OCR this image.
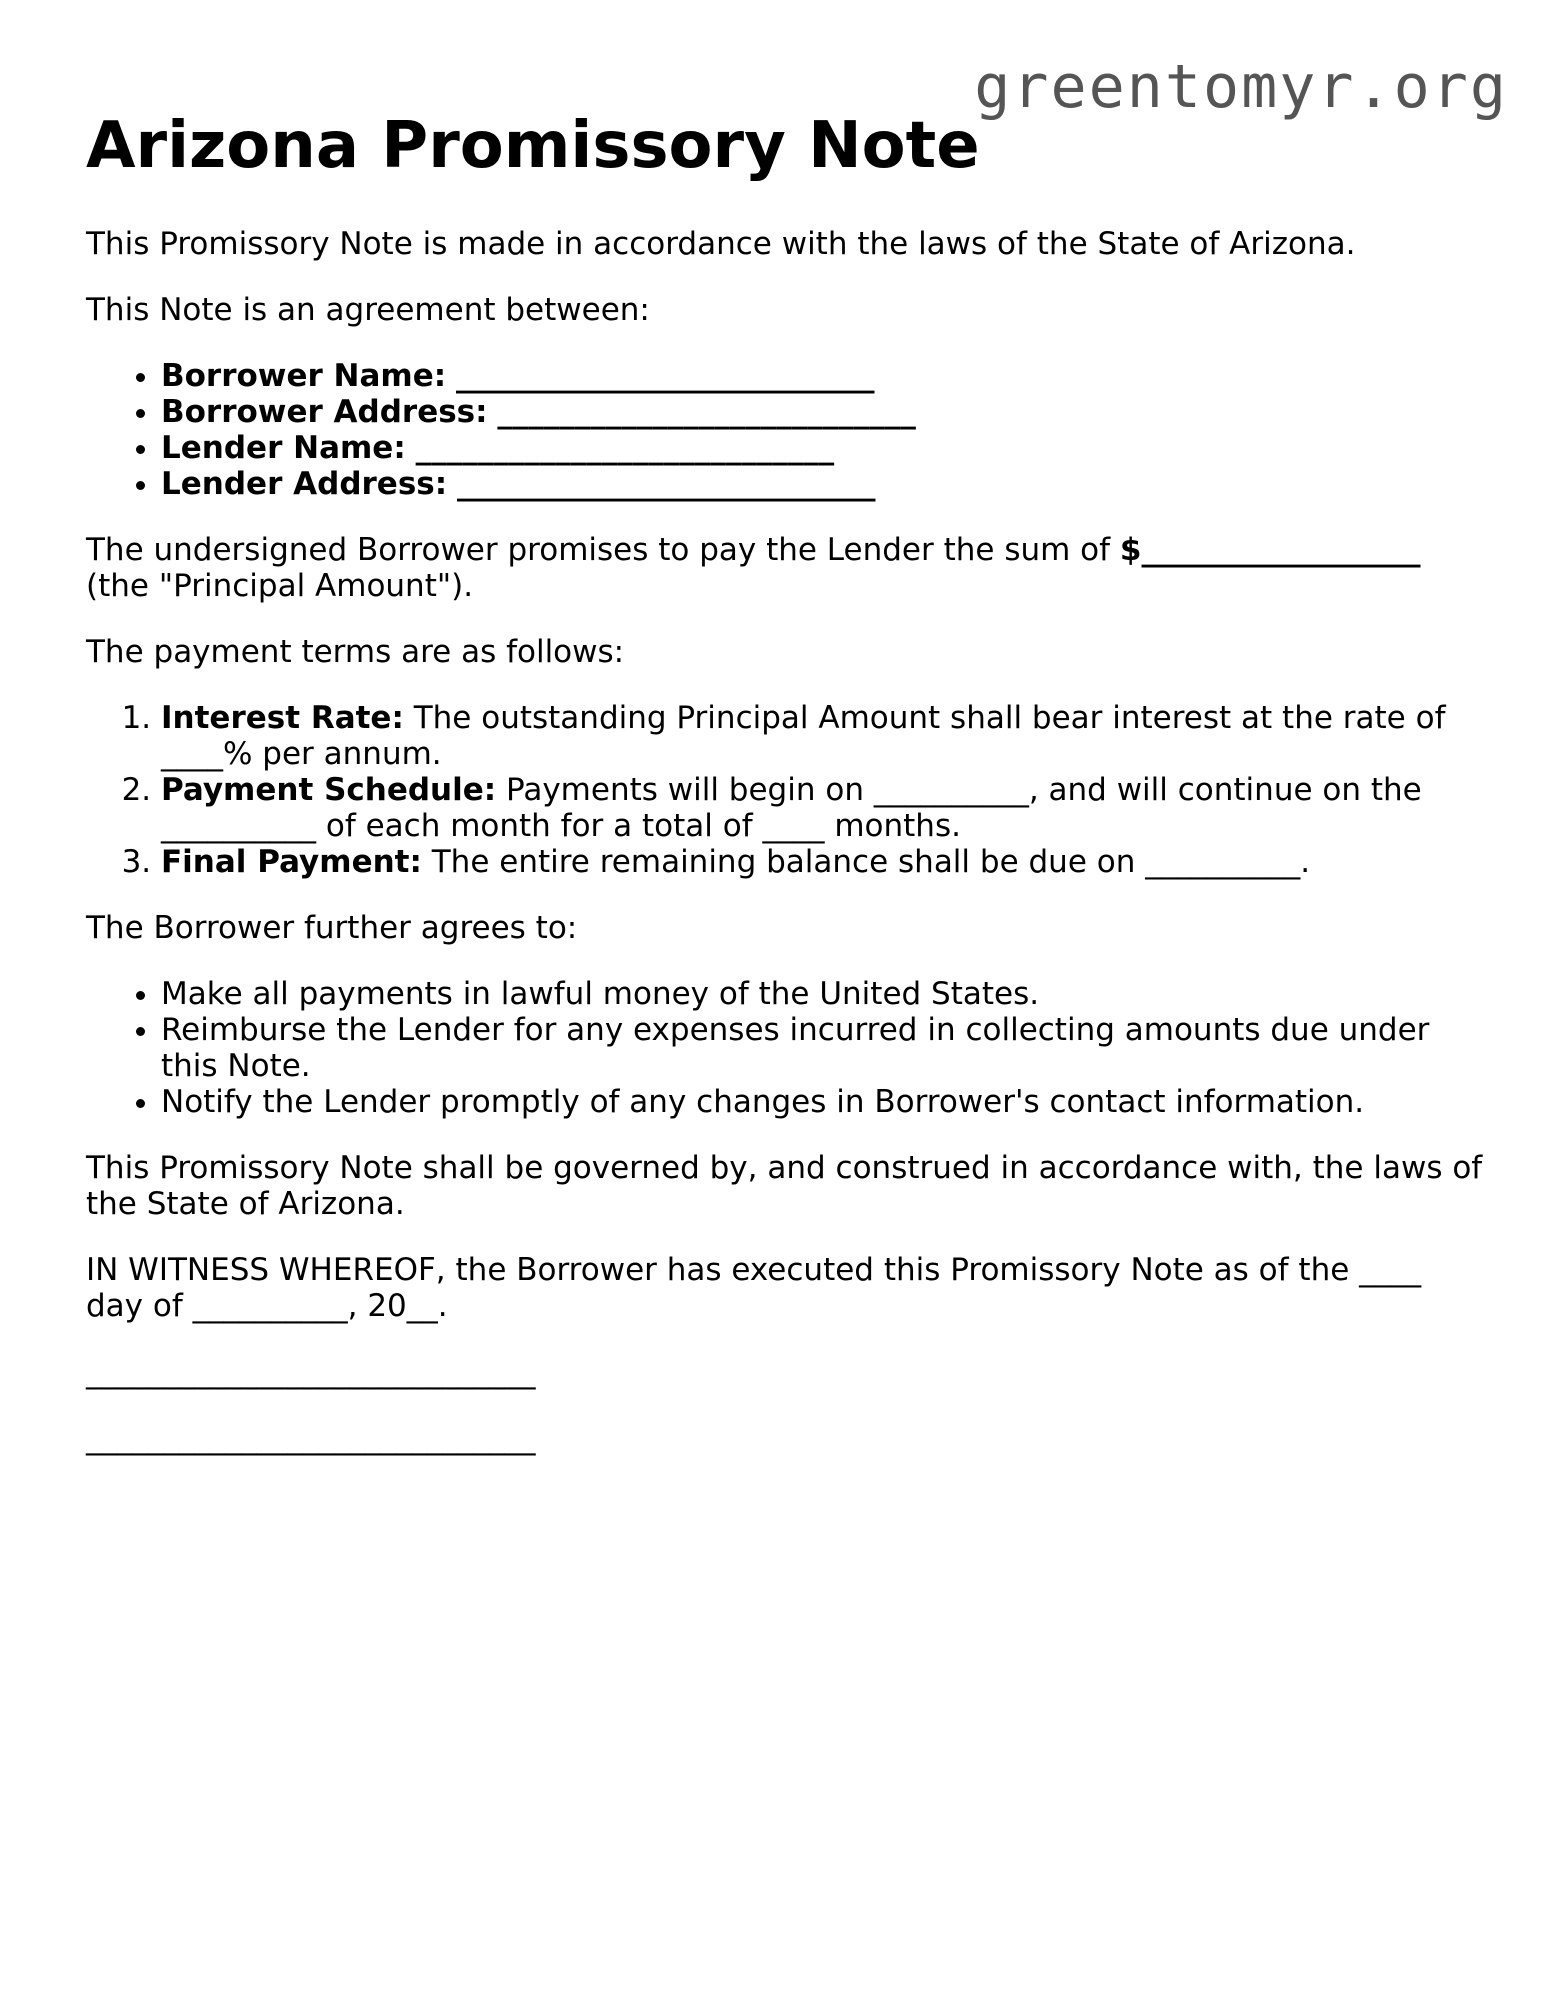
greentomyr.org
Arizona Promissory Note

This Promissory Note is made in accordance with the laws of the State of Arizona.

This Note is an agreement between:

• Borrower Name: ___________________________
• Borrower Address: ___________________________
• Lender Name: ___________________________
• Lender Address: ___________________________

The undersigned Borrower promises to pay the Lender the sum of $__________________
(the "Principal Amount").

The payment terms are as follows:

1. Interest Rate: The outstanding Principal Amount shall bear interest at the rate of ____% per annum.
2. Payment Schedule: Payments will begin on __________, and will continue on the __________ of each month for a total of ____ months.
3. Final Payment: The entire remaining balance shall be due on __________.

The Borrower further agrees to:

• Make all payments in lawful money of the United States.
• Reimburse the Lender for any expenses incurred in collecting amounts due under this Note.
• Notify the Lender promptly of any changes in Borrower's contact information.

This Promissory Note shall be governed by, and construed in accordance with, the laws of the State of Arizona.

IN WITNESS WHEREOF, the Borrower has executed this Promissory Note as of the ____ day of __________, 20__.

_____________________________
_____________________________
